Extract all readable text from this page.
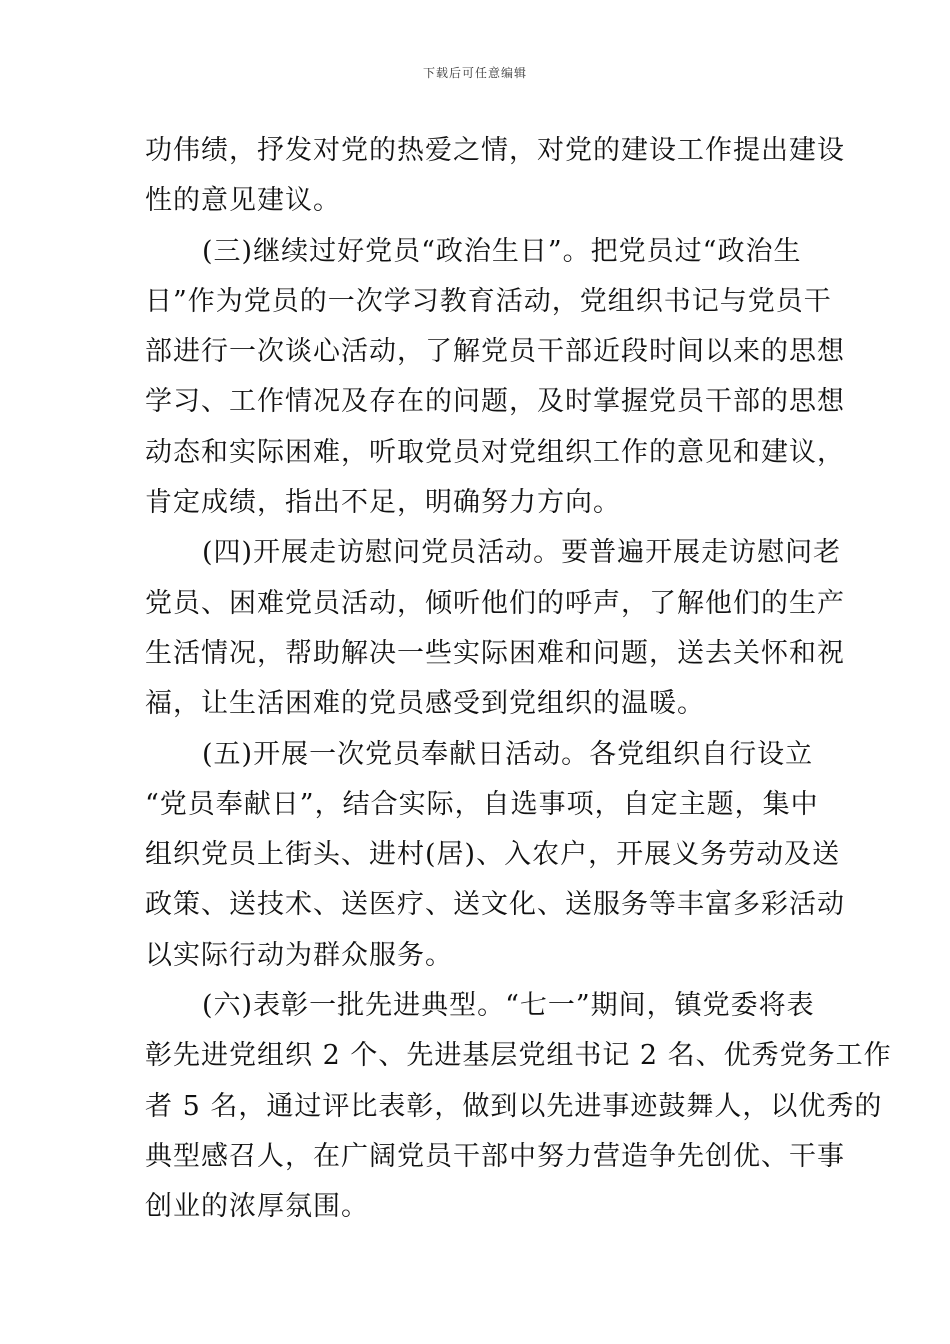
下载后可任意编辑

功伟绩，抒发对党的热爱之情，对党的建设工作提出建设
性的意见建议。

(三)继续过好党员“政治生日”。把党员过“政治生
日”作为党员的一次学习教育活动，党组织书记与党员干
部进行一次谈心活动，了解党员干部近段时间以来的思想
学习、工作情况及存在的问题，及时掌握党员干部的思想
动态和实际困难，听取党员对党组织工作的意见和建议，
肯定成绩，指出不足，明确努力方向。

(四)开展走访慰问党员活动。要普遍开展走访慰问老
党员、困难党员活动，倾听他们的呼声，了解他们的生产
生活情况，帮助解决一些实际困难和问题，送去关怀和祝
福，让生活困难的党员感受到党组织的温暖。

(五)开展一次党员奉献日活动。各党组织自行设立
“党员奉献日”，结合实际，自选事项，自定主题，集中
组织党员上街头、进村(居)、入农户，开展义务劳动及送
政策、送技术、送医疗、送文化、送服务等丰富多彩活动
以实际行动为群众服务。

(六)表彰一批先进典型。“七一”期间，镇党委将表
彰先进党组织 2 个、先进基层党组书记 2 名、优秀党务工作
者 5 名，通过评比表彰，做到以先进事迹鼓舞人，以优秀的
典型感召人，在广阔党员干部中努力营造争先创优、干事
创业的浓厚氛围。
